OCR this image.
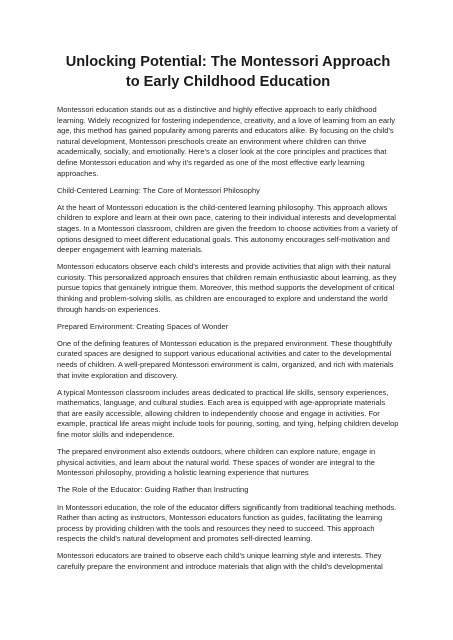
Unlocking Potential: The Montessori Approach to Early Childhood Education

Montessori education stands out as a distinctive and highly effective approach to early childhood learning. Widely recognized for fostering independence, creativity, and a love of learning from an early age, this method has gained popularity among parents and educators alike. By focusing on the child's natural development, Montessori preschools create an environment where children can thrive academically, socially, and emotionally. Here's a closer look at the core principles and practices that define Montessori education and why it's regarded as one of the most effective early learning approaches.

Child-Centered Learning: The Core of Montessori Philosophy

At the heart of Montessori education is the child-centered learning philosophy. This approach allows children to explore and learn at their own pace, catering to their individual interests and developmental stages. In a Montessori classroom, children are given the freedom to choose activities from a variety of options designed to meet different educational goals. This autonomy encourages self-motivation and deeper engagement with learning materials.

Montessori educators observe each child's interests and provide activities that align with their natural curiosity. This personalized approach ensures that children remain enthusiastic about learning, as they pursue topics that genuinely intrigue them. Moreover, this method supports the development of critical thinking and problem-solving skills, as children are encouraged to explore and understand the world through hands-on experiences.

Prepared Environment: Creating Spaces of Wonder

One of the defining features of Montessori education is the prepared environment. These thoughtfully curated spaces are designed to support various educational activities and cater to the developmental needs of children. A well-prepared Montessori environment is calm, organized, and rich with materials that invite exploration and discovery.

A typical Montessori classroom includes areas dedicated to practical life skills, sensory experiences, mathematics, language, and cultural studies. Each area is equipped with age-appropriate materials that are easily accessible, allowing children to independently choose and engage in activities. For example, practical life areas might include tools for pouring, sorting, and tying, helping children develop fine motor skills and independence.

The prepared environment also extends outdoors, where children can explore nature, engage in physical activities, and learn about the natural world. These spaces of wonder are integral to the Montessori philosophy, providing a holistic learning experience that nurtures

The Role of the Educator: Guiding Rather than Instructing

In Montessori education, the role of the educator differs significantly from traditional teaching methods. Rather than acting as instructors, Montessori educators function as guides, facilitating the learning process by providing children with the tools and resources they need to succeed. This approach respects the child's natural development and promotes self-directed learning.

Montessori educators are trained to observe each child's unique learning style and interests. They carefully prepare the environment and introduce materials that align with the child's developmental
